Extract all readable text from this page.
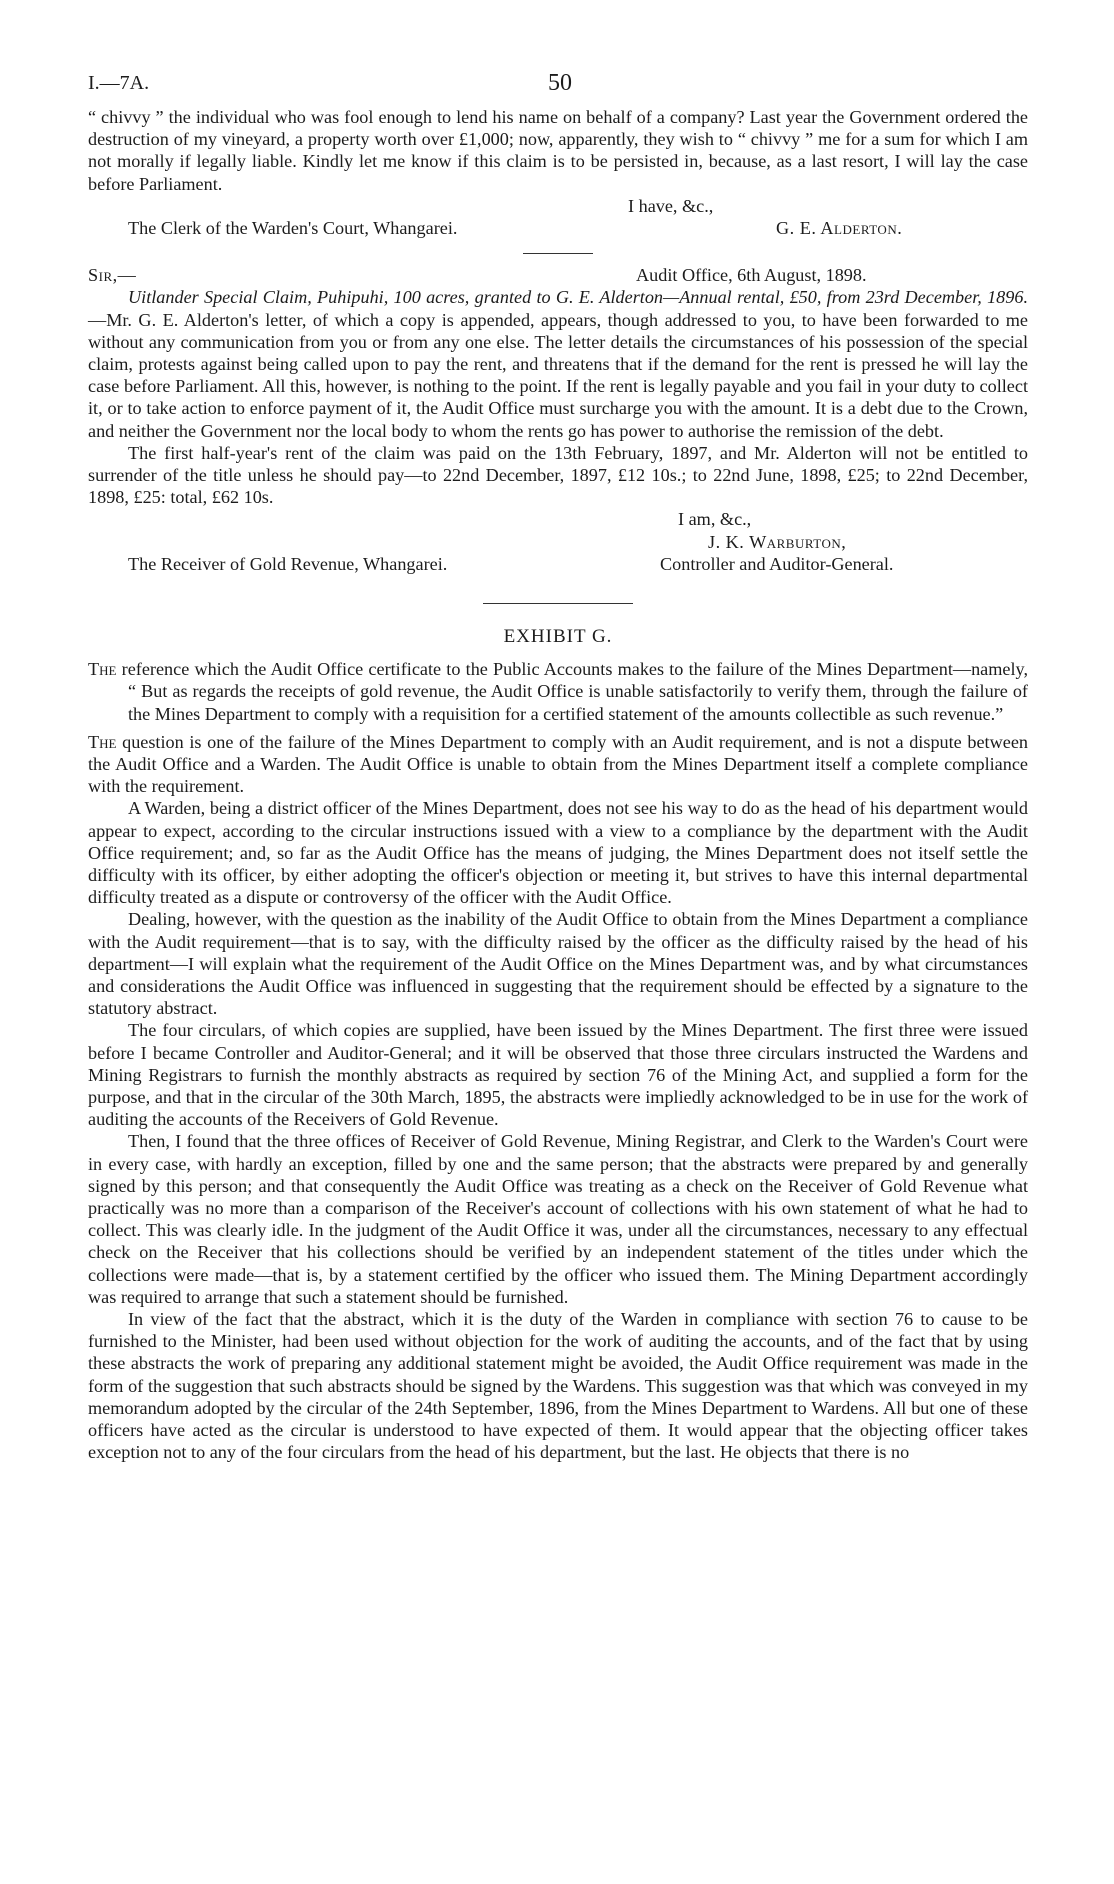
I.—7A.	50

“ chivvy ” the individual who was fool enough to lend his name on behalf of a company? Last year the Government ordered the destruction of my vineyard, a property worth over £1,000; now, apparently, they wish to “ chivvy ” me for a sum for which I am not morally if legally liable. Kindly let me know if this claim is to be persisted in, because, as a last resort, I will lay the case before Parliament.

I have, &c.,
The Clerk of the Warden's Court, Whangarei.	G. E. Alderton.
Sir,—	Audit Office, 6th August, 1898.

Uitlander Special Claim, Puhipuhi, 100 acres, granted to G. E. Alderton—Annual rental, £50, from 23rd December, 1896.—Mr. G. E. Alderton's letter, of which a copy is appended, appears, though addressed to you, to have been forwarded to me without any communication from you or from any one else. The letter details the circumstances of his possession of the special claim, protests against being called upon to pay the rent, and threatens that if the demand for the rent is pressed he will lay the case before Parliament. All this, however, is nothing to the point. If the rent is legally payable and you fail in your duty to collect it, or to take action to enforce payment of it, the Audit Office must surcharge you with the amount. It is a debt due to the Crown, and neither the Government nor the local body to whom the rents go has power to authorise the remission of the debt.

The first half-year's rent of the claim was paid on the 13th February, 1897, and Mr. Alderton will not be entitled to surrender of the title unless he should pay—to 22nd December, 1897, £12 10s.; to 22nd June, 1898, £25; to 22nd December, 1898, £25: total, £62 10s.

I am, &c.,
J. K. Warburton,
The Receiver of Gold Revenue, Whangarei.	Controller and Auditor-General.
EXHIBIT G.

The reference which the Audit Office certificate to the Public Accounts makes to the failure of the Mines Department—namely, “ But as regards the receipts of gold revenue, the Audit Office is unable satisfactorily to verify them, through the failure of the Mines Department to comply with a requisition for a certified statement of the amounts collectible as such revenue.”

The question is one of the failure of the Mines Department to comply with an Audit requirement, and is not a dispute between the Audit Office and a Warden. The Audit Office is unable to obtain from the Mines Department itself a complete compliance with the requirement.

A Warden, being a district officer of the Mines Department, does not see his way to do as the head of his department would appear to expect, according to the circular instructions issued with a view to a compliance by the department with the Audit Office requirement; and, so far as the Audit Office has the means of judging, the Mines Department does not itself settle the difficulty with its officer, by either adopting the officer's objection or meeting it, but strives to have this internal departmental difficulty treated as a dispute or controversy of the officer with the Audit Office.

Dealing, however, with the question as the inability of the Audit Office to obtain from the Mines Department a compliance with the Audit requirement—that is to say, with the difficulty raised by the officer as the difficulty raised by the head of his department—I will explain what the requirement of the Audit Office on the Mines Department was, and by what circumstances and considerations the Audit Office was influenced in suggesting that the requirement should be effected by a signature to the statutory abstract.

The four circulars, of which copies are supplied, have been issued by the Mines Department. The first three were issued before I became Controller and Auditor-General; and it will be observed that those three circulars instructed the Wardens and Mining Registrars to furnish the monthly abstracts as required by section 76 of the Mining Act, and supplied a form for the purpose, and that in the circular of the 30th March, 1895, the abstracts were impliedly acknowledged to be in use for the work of auditing the accounts of the Receivers of Gold Revenue.

Then, I found that the three offices of Receiver of Gold Revenue, Mining Registrar, and Clerk to the Warden's Court were in every case, with hardly an exception, filled by one and the same person; that the abstracts were prepared by and generally signed by this person; and that consequently the Audit Office was treating as a check on the Receiver of Gold Revenue what practically was no more than a comparison of the Receiver's account of collections with his own statement of what he had to collect. This was clearly idle. In the judgment of the Audit Office it was, under all the circumstances, necessary to any effectual check on the Receiver that his collections should be verified by an independent statement of the titles under which the collections were made—that is, by a statement certified by the officer who issued them. The Mining Department accordingly was required to arrange that such a statement should be furnished.

In view of the fact that the abstract, which it is the duty of the Warden in compliance with section 76 to cause to be furnished to the Minister, had been used without objection for the work of auditing the accounts, and of the fact that by using these abstracts the work of preparing any additional statement might be avoided, the Audit Office requirement was made in the form of the suggestion that such abstracts should be signed by the Wardens. This suggestion was that which was conveyed in my memorandum adopted by the circular of the 24th September, 1896, from the Mines Department to Wardens. All but one of these officers have acted as the circular is understood to have expected of them. It would appear that the objecting officer takes exception not to any of the four circulars from the head of his department, but the last. He objects that there is no
